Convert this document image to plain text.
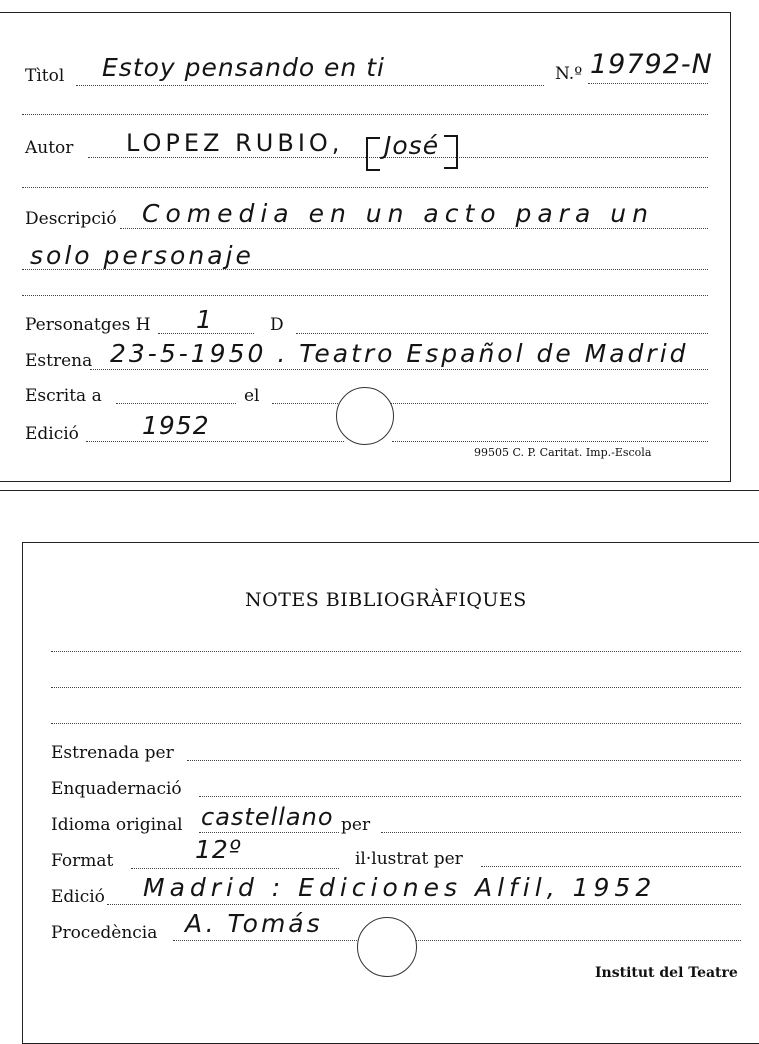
Tìtol Estoy pensando en ti	N.º 19792-N
Autor LOPEZ RUBIO, José
Descripció Comedia en un acto para un
solo personaje
Personatges H 1	D
Estrena 23-5-1950 . Teatro Español de Madrid
Escrita a	el
Edició	1952
99505 C. P. Caritat. Imp.-Escola
NOTES BIBLIOGRÀFIQUES
Estrenada per
Enquadernació
Idioma original castellano per
Format	12º	il·lustrat per
Edició Madrid : Ediciones Alfil, 1952
Procedència A. Tomás
Institut del Teatre
